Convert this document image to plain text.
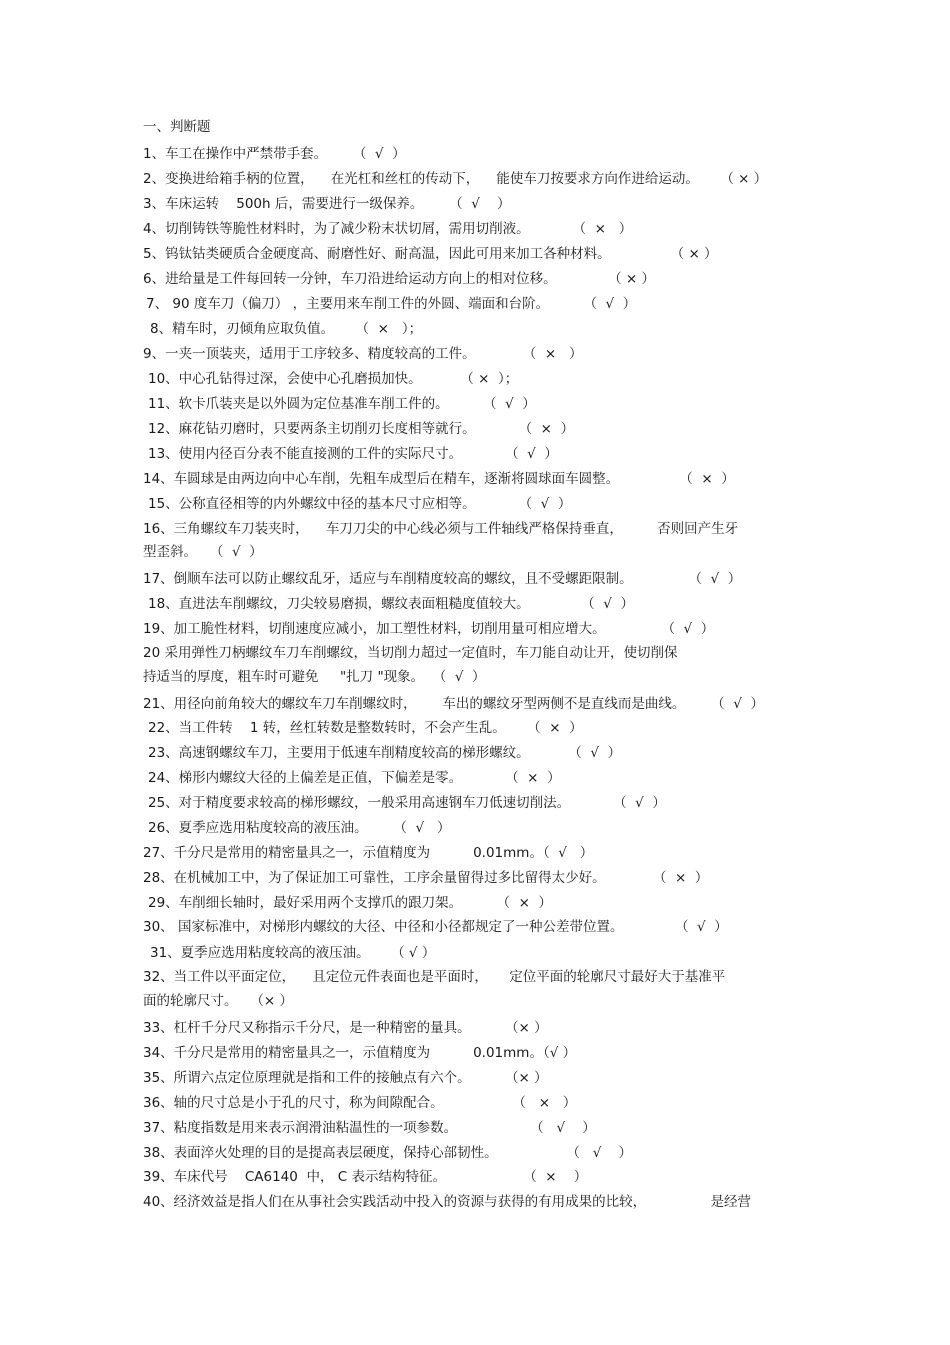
一、判断题
1、车工在操作中严禁带手套。      （  √  ）
2、变换进给箱手柄的位置，    在光杠和丝杠的传动下，    能使车刀按要求方向作进给运动。     （ × ）
3、车床运转    500h 后，需要进行一级保养。      （  √    ）
4、切削铸铁等脆性材料时，为了减少粉末状切屑，需用切削液。          （  ×   ）
5、钨钛钴类硬质合金硬度高、耐磨性好、耐高温，因此可用来加工各种材料。              （ × ）
6、进给量是工件每回转一分钟，车刀沿进给运动方向上的相对位移。            （ × ）
7、 90 度车刀（偏刀） ，主要用来车削工件的外圆、端面和台阶。        （  √  ）
8、精车时，刃倾角应取负值。     （  ×   ）；
9、一夹一顶装夹，适用于工序较多、精度较高的工件。           （  ×   ）
10、中心孔钻得过深，会使中心孔磨损加快。         （ ×  ）；
11、软卡爪装夹是以外圆为定位基准车削工件的。        （  √  ）
12、麻花钻刃磨时，只要两条主切削刃长度相等就行。          （  ×  ）
13、使用内径百分表不能直接测的工件的实际尺寸。          （  √  ）
14、车圆球是由两边向中心车削，先粗车成型后在精车，逐渐将圆球面车圆整。              （  ×  ）
15、公称直径相等的内外螺纹中径的基本尺寸应相等。          （  √  ）
16、三角螺纹车刀装夹时，    车刀刀尖的中心线必须与工件轴线严格保持垂直，        否则回产生牙
型歪斜。   （  √  ）
17、倒顺车法可以防止螺纹乱牙，适应与车削精度较高的螺纹，且不受螺距限制。             （  √  ）
18、直进法车削螺纹，刀尖较易磨损，螺纹表面粗糙度值较大。            （  √  ）
19、加工脆性材料，切削速度应减小，加工塑性材料，切削用量可相应增大。             （  √  ）
20 采用弹性刀柄螺纹车刀车削螺纹，当切削力超过一定值时，车刀能自动让开，使切削保
持适当的厚度，粗车时可避免     "扎刀 "现象。  （  √  ）
21、用径向前角较大的螺纹车刀车削螺纹时，      车出的螺纹牙型两侧不是直线而是曲线。      （  √  ）
22、当工件转    1 转，丝杠转数是整数转时，不会产生乱。     （  ×  ）
23、高速钢螺纹车刀，主要用于低速车削精度较高的梯形螺纹。         （  √  ）
24、梯形内螺纹大径的上偏差是正值，下偏差是零。          （  ×  ）
25、对于精度要求较高的梯形螺纹，一般采用高速钢车刀低速切削法。          （  √  ）
26、夏季应选用粘度较高的液压油。      （  √   ）
27、千分尺是常用的精密量具之一，示值精度为          0.01mm。（  √   ）
28、在机械加工中，为了保证加工可靠性，工序余量留得过多比留得太少好。           （  ×  ）
29、车削细长轴时，最好采用两个支撑爪的跟刀架。        （  ×  ）
30、 国家标准中，对梯形内螺纹的大径、中径和小径都规定了一种公差带位置。            （  √  ）
31、夏季应选用粘度较高的液压油。     （ √ ）
32、当工件以平面定位，    且定位元件表面也是平面时，     定位平面的轮廓尺寸最好大于基准平
面的轮廓尺寸。   （× ）
33、杠杆千分尺又称指示千分尺，是一种精密的量具。        （× ）
34、千分尺是常用的精密量具之一，示值精度为          0.01mm。（√ ）
35、所谓六点定位原理就是指和工件的接触点有六个。        （× ）
36、轴的尺寸总是小于孔的尺寸，称为间隙配合。                （   ×   ）
37、粘度指数是用来表示润滑油粘温性的一项参数。                 （   √    ）
38、表面淬火处理的目的是提高表层硬度，保持心部韧性。                （   √    ）
39、车床代号    CA6140  中， C 表示结构特征。                  （  ×    ）
40、经济效益是指人们在从事社会实践活动中投入的资源与获得的有用成果的比较，               是经营
